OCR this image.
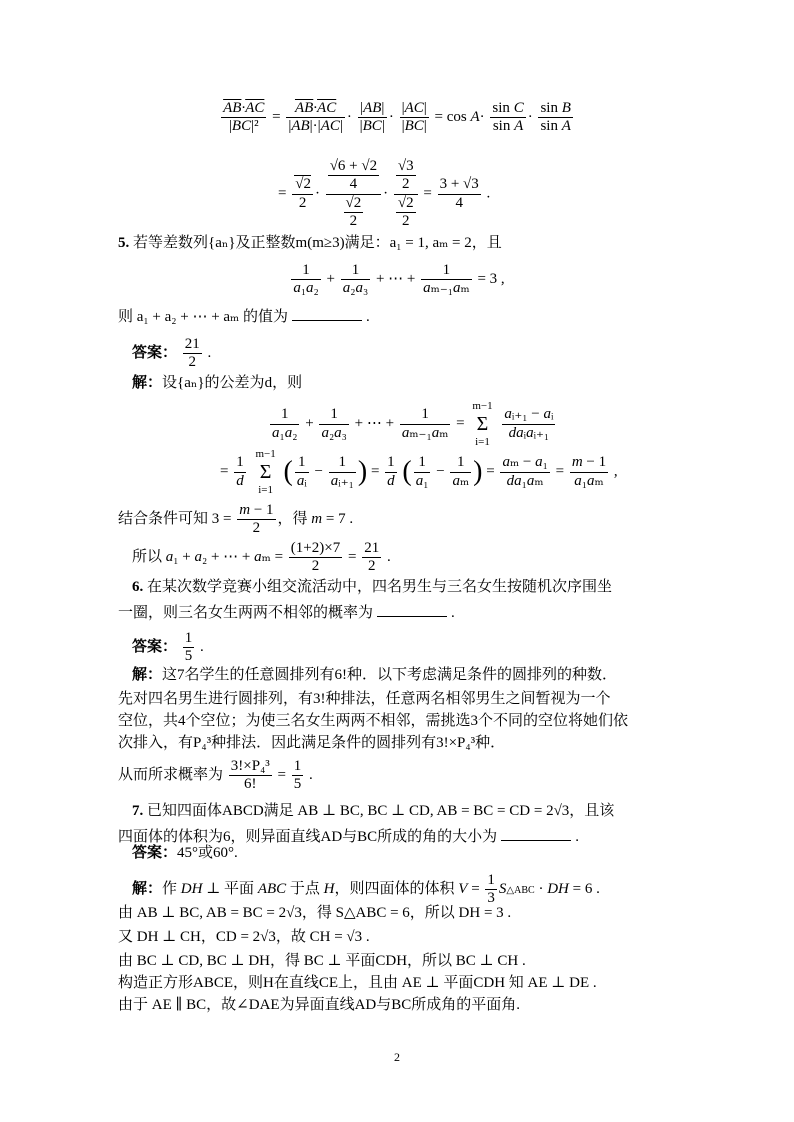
$\frac{\overline{AB}\cdot\overline{AC}}{\text{|BC|²}} = \frac{\overline{AB}\cdot\overline{AC}}{|AB|\cdot|AC|} \cdot \frac{|AB|}{|BC|} \cdot \frac{|AC|}{|BC|} = \cos A\cdot \frac{\text{sin C}}{\text{sin A}} \cdot \frac{\text{sin B}}{\text{sin A}}$
= $\frac{√2}{2} \cdot \frac{\frac{√6 + √2}{4}}{\frac{√2}{2}} \cdot \frac{\frac{√3}{2}}{\frac{√2}{2}} = \frac{3 + √3}{4}$ .
5. 若等差数列{aₙ}及正整数m(m≥3)满足：a₁ = 1, aₘ = 2，且
$\frac{1}{\text{a₁a₂}} + \frac{1}{\text{a₂a₃}}$ + ⋯ + $\frac{1}{\text{aₘ₋₁aₘ}} = 3$ ,
则 a₁ + a₂ + ⋯ + aₘ 的值为	.
答案： $\frac{21}{2}$ .
解：设{aₙ}的公差为d，则
$\frac{1}{\text{a₁a₂}} + \frac{1}{\text{a₂a₃}}$ + ⋯ + $\frac{1}{\text{aₘ₋₁aₘ}}$ =
m−1
Σ
i=1
$\frac{\text{aᵢ₊₁ − aᵢ}}{\text{daᵢaᵢ₊₁}}$
= $\frac{1}{d}$

m−1
Σ
i=1
( $\frac{1}{\text{aᵢ}} - \frac{1}{\text{aᵢ₊₁}}$ ) = $\frac{1}{d}$ ( $\frac{1}{\text{a₁}} - \frac{1}{\text{aₘ}}$ ) = $\frac{\text{aₘ − a₁}}{\text{da₁aₘ}} = \frac{m - 1}{\text{a₁aₘ}}$ ,
结合条件可知 $3 = \frac{m - 1}{2}$ ，得 m = 7 .
所以 a₁ + a₂ + ⋯ + $a_m = \frac{(1+2)\times 7}{2} = \frac{21}{2}$ .
6. 在某次数学竞赛小组交流活动中，四名男生与三名女生按随机次序围坐
一圈，则三名女生两两不相邻的概率为	.
答案： $\frac{1}{5}$ .
解：这7名学生的任意圆排列有6!种．以下考虑满足条件的圆排列的种数．
先对四名男生进行圆排列，有3!种排法，任意两名相邻男生之间暂视为一个
空位，共4个空位；为使三名女生两两不相邻，需挑选3个不同的空位将她们依
次排入，有P₄³种排法．因此满足条件的圆排列有3!×P₄³种．
从而所求概率为 $\frac{\text{3!×P₄³}}{6!} = \frac{1}{5}$ .
7. 已知四面体ABCD满足 AB ⊥ BC, BC ⊥ CD, AB = BC = CD = 2√3，且该
四面体的体积为6，则异面直线AD与BC所成的角的大小为	.
答案：45°或60°.
解：作 DH ⊥ 平面 ABC 于点 H，则四面体的体积 $V = \frac{1}{3}$ S△ABC · DH = 6 .
由 AB ⊥ BC, AB = BC = 2√3，得 S△ABC = 6，所以 DH = 3 .
又 DH ⊥ CH，CD = 2√3，故 CH = √3 .
由 BC ⊥ CD, BC ⊥ DH，得 BC ⊥ 平面CDH，所以 BC ⊥ CH .
构造正方形ABCE，则H在直线CE上，且由 AE ⊥ 平面CDH 知 AE ⊥ DE .
由于 AE ∥ BC，故∠DAE为异面直线AD与BC所成角的平面角.
2
